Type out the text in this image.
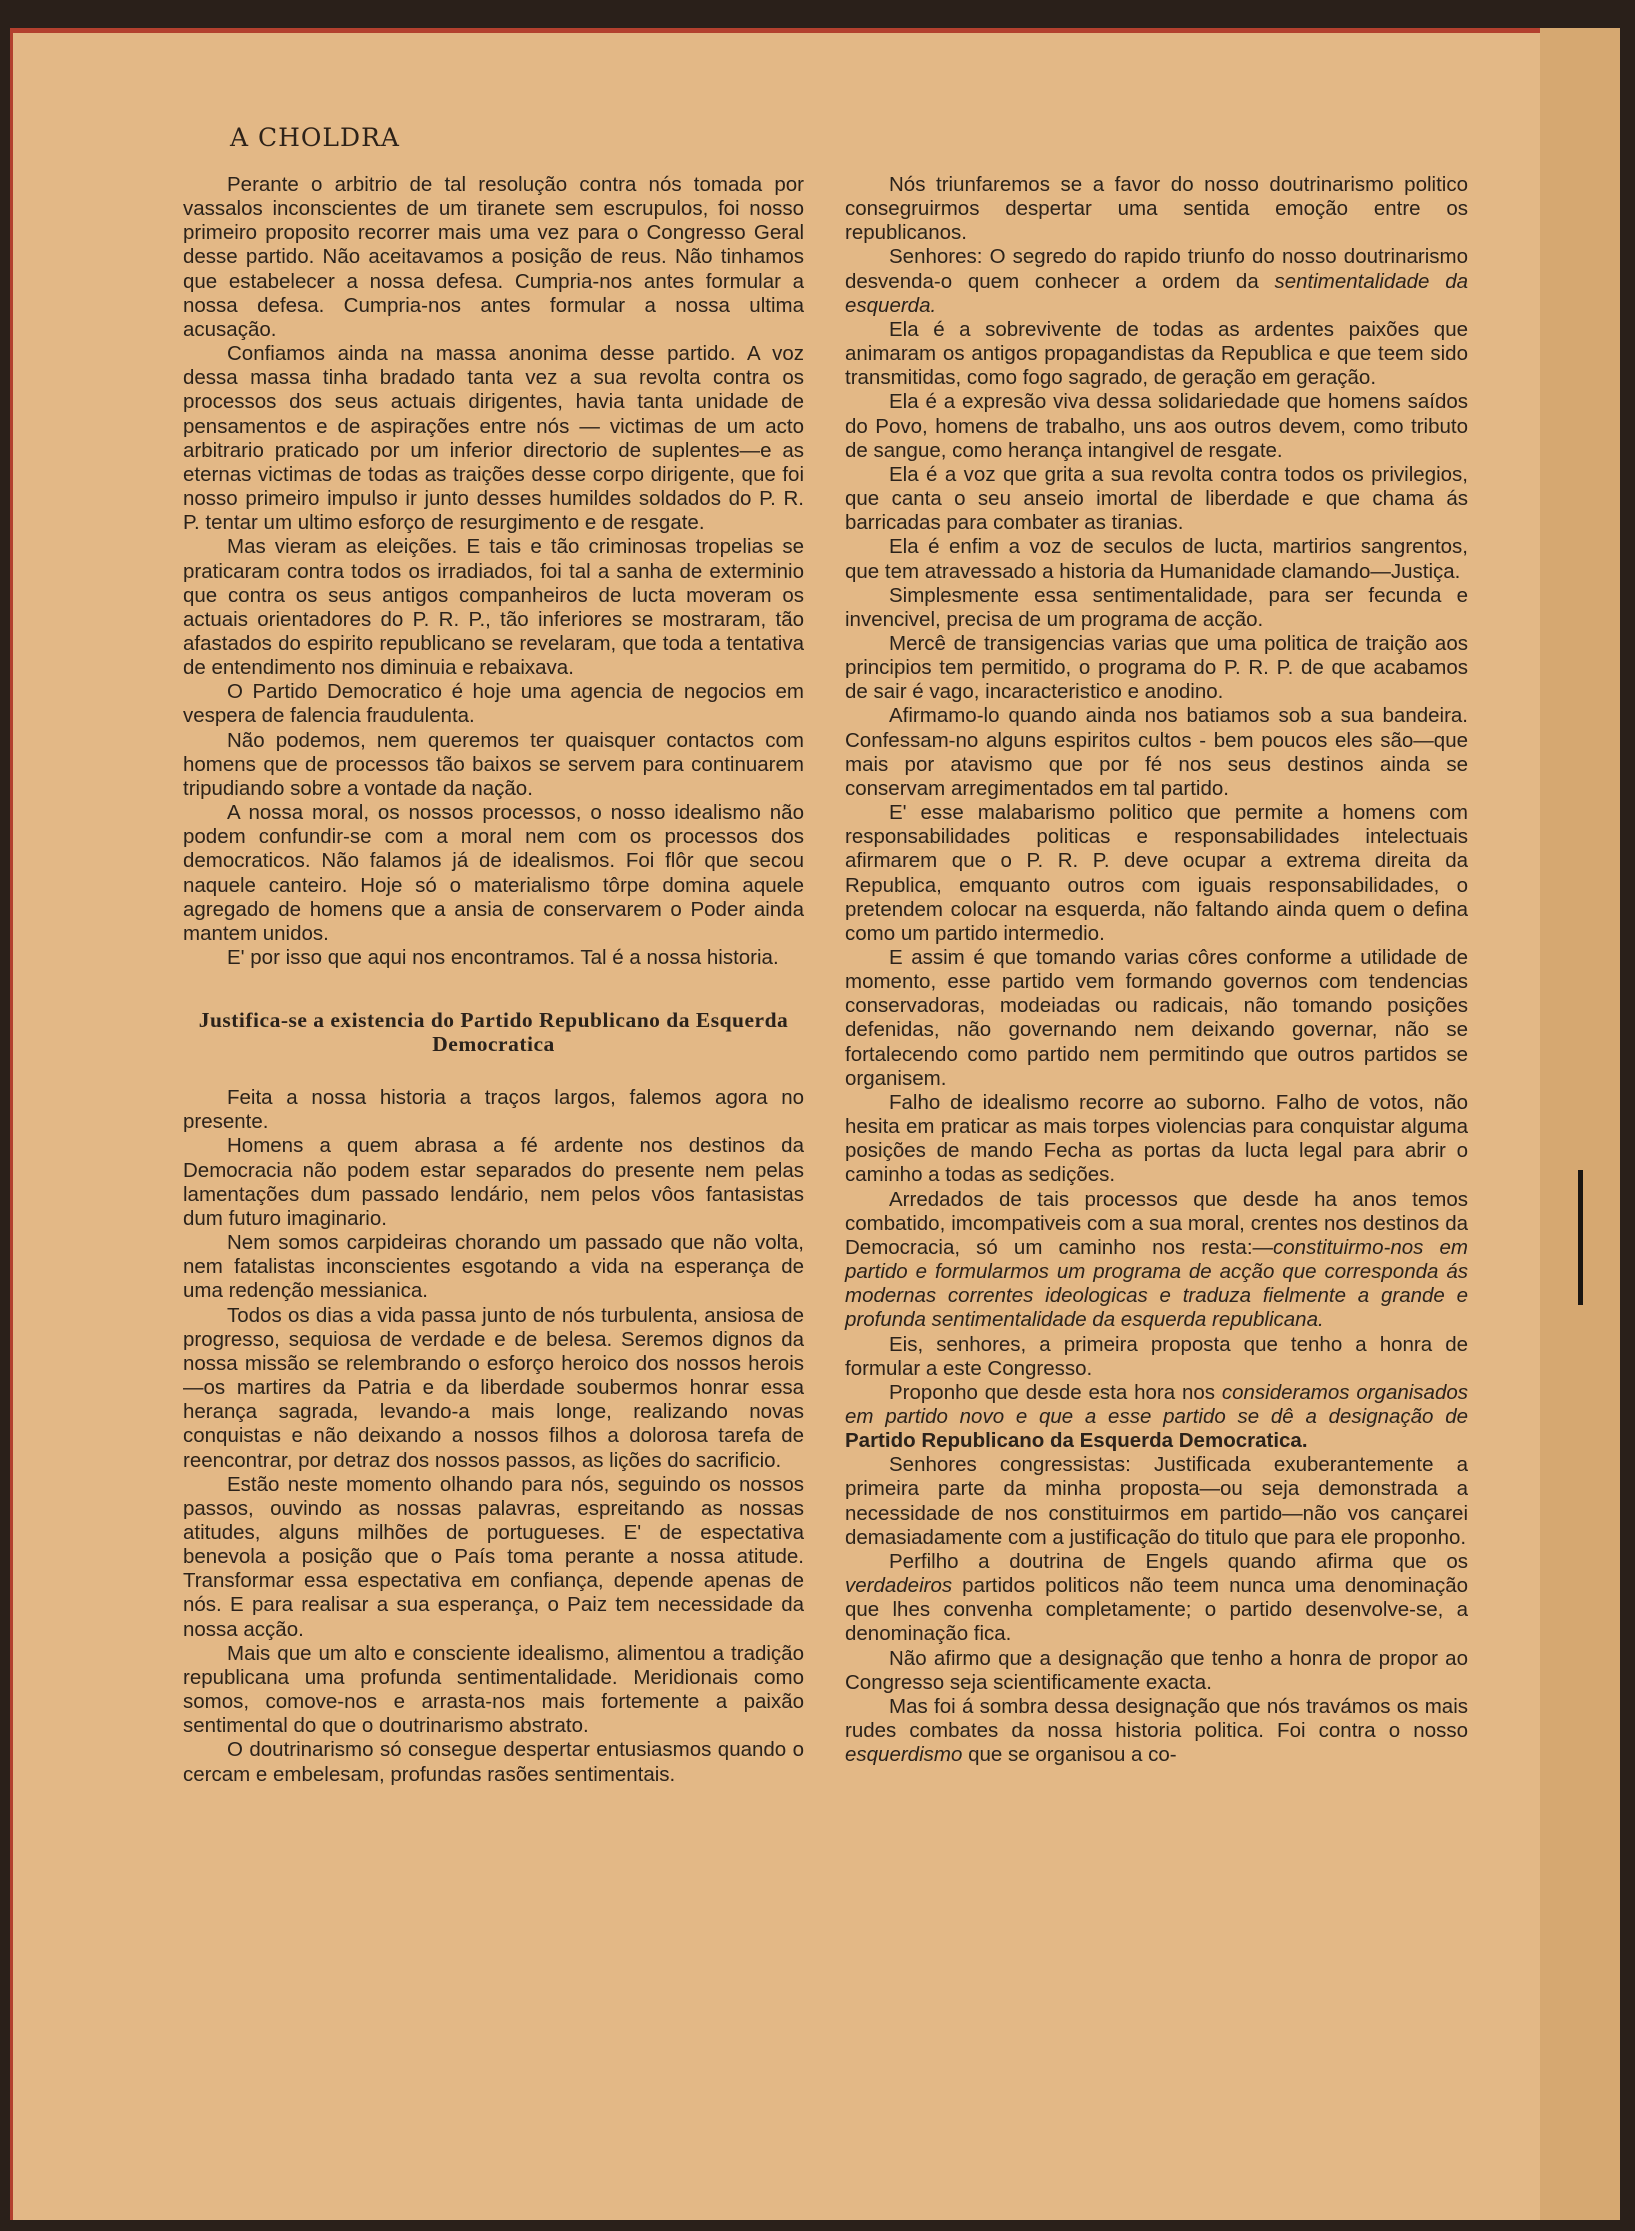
A CHOLDRA

Perante o arbitrio de tal resolução contra nós tomada por vassalos inconscientes de um tiranete sem escrupulos, foi nosso primeiro proposito recorrer mais uma vez para o Congresso Geral desse partido. Não aceitavamos a posição de reus. Não tinhamos que estabelecer a nossa defesa. Cumpria-nos antes formular a nossa defesa. Cumpria-nos antes formular a nossa ultima acusação.

Confiamos ainda na massa anonima desse partido. A voz dessa massa tinha bradado tanta vez a sua revolta contra os processos dos seus actuais dirigentes, havia tanta unidade de pensamentos e de aspirações entre nós — victimas de um acto arbitrario praticado por um inferior directorio de suplentes—e as eternas victimas de todas as traições desse corpo dirigente, que foi nosso primeiro impulso ir junto desses humildes soldados do P. R. P. tentar um ultimo esforço de resurgimento e de resgate.

Mas vieram as eleições. E tais e tão criminosas tropelias se praticaram contra todos os irradiados, foi tal a sanha de exterminio que contra os seus antigos companheiros de lucta moveram os actuais orientadores do P. R. P., tão inferiores se mostraram, tão afastados do espirito republicano se revelaram, que toda a tentativa de entendimento nos diminuia e rebaixava.

O Partido Democratico é hoje uma agencia de negocios em vespera de falencia fraudulenta.

Não podemos, nem queremos ter quaisquer contactos com homens que de processos tão baixos se servem para continuarem tripudiando sobre a vontade da nação.

A nossa moral, os nossos processos, o nosso idealismo não podem confundir-se com a moral nem com os processos dos democraticos. Não falamos já de idealismos. Foi flôr que secou naquele canteiro. Hoje só o materialismo tôrpe domina aquele agregado de homens que a ansia de conservarem o Poder ainda mantem unidos.

E' por isso que aqui nos encontramos. Tal é a nossa historia.

Justifica-se a existencia do Partido Republicano da Esquerda Democratica

Feita a nossa historia a traços largos, falemos agora no presente.

Homens a quem abrasa a fé ardente nos destinos da Democracia não podem estar separados do presente nem pelas lamentações dum passado lendário, nem pelos vôos fantasistas dum futuro imaginario.

Nem somos carpideiras chorando um passado que não volta, nem fatalistas inconscientes esgotando a vida na esperança de uma redenção messianica.

Todos os dias a vida passa junto de nós turbulenta, ansiosa de progresso, sequiosa de verdade e de belesa. Seremos dignos da nossa missão se relembrando o esforço heroico dos nossos herois—os martires da Patria e da liberdade soubermos honrar essa herança sagrada, levando-a mais longe, realizando novas conquistas e não deixando a nossos filhos a dolorosa tarefa de reencontrar, por detraz dos nossos passos, as lições do sacrificio.

Estão neste momento olhando para nós, seguindo os nossos passos, ouvindo as nossas palavras, espreitando as nossas atitudes, alguns milhões de portugueses. E' de espectativa benevola a posição que o País toma perante a nossa atitude. Transformar essa espectativa em confiança, depende apenas de nós. E para realisar a sua esperança, o Paiz tem necessidade da nossa acção.

Mais que um alto e consciente idealismo, alimentou a tradição republicana uma profunda sentimentalidade. Meridionais como somos, comove-nos e arrasta-nos mais fortemente a paixão sentimental do que o doutrinarismo abstrato.

O doutrinarismo só consegue despertar entusiasmos quando o cercam e embelesam, profundas rasões sentimentais.

Nós triunfaremos se a favor do nosso doutrinarismo politico consegruirmos despertar uma sentida emoção entre os republicanos.

Senhores: O segredo do rapido triunfo do nosso doutrinarismo desvenda-o quem conhecer a ordem da sentimentalidade da esquerda.

Ela é a sobrevivente de todas as ardentes paixões que animaram os antigos propagandistas da Republica e que teem sido transmitidas, como fogo sagrado, de geração em geração.

Ela é a expresão viva dessa solidariedade que homens saídos do Povo, homens de trabalho, uns aos outros devem, como tributo de sangue, como herança intangivel de resgate.

Ela é a voz que grita a sua revolta contra todos os privilegios, que canta o seu anseio imortal de liberdade e que chama ás barricadas para combater as tiranias.

Ela é enfim a voz de seculos de lucta, martirios sangrentos, que tem atravessado a historia da Humanidade clamando—Justiça.

Simplesmente essa sentimentalidade, para ser fecunda e invencivel, precisa de um programa de acção.

Mercê de transigencias varias que uma politica de traição aos principios tem permitido, o programa do P. R. P. de que acabamos de sair é vago, incaracteristico e anodino.

Afirmamo-lo quando ainda nos batiamos sob a sua bandeira. Confessam-no alguns espiritos cultos - bem poucos eles são—que mais por atavismo que por fé nos seus destinos ainda se conservam arregimentados em tal partido.

E' esse malabarismo politico que permite a homens com responsabilidades politicas e responsabilidades intelectuais afirmarem que o P. R. P. deve ocupar a extrema direita da Republica, emquanto outros com iguais responsabilidades, o pretendem colocar na esquerda, não faltando ainda quem o defina como um partido intermedio.

E assim é que tomando varias côres conforme a utilidade de momento, esse partido vem formando governos com tendencias conservadoras, modeiadas ou radicais, não tomando posições defenidas, não governando nem deixando governar, não se fortalecendo como partido nem permitindo que outros partidos se organisem.

Falho de idealismo recorre ao suborno. Falho de votos, não hesita em praticar as mais torpes violencias para conquistar alguma posições de mando Fecha as portas da lucta legal para abrir o caminho a todas as sedições.

Arredados de tais processos que desde ha anos temos combatido, imcompativeis com a sua moral, crentes nos destinos da Democracia, só um caminho nos resta:—constituirmo-nos em partido e formularmos um programa de acção que corresponda ás modernas correntes ideologicas e traduza fielmente a grande e profunda sentimentalidade da esquerda republicana.

Eis, senhores, a primeira proposta que tenho a honra de formular a este Congresso.

Proponho que desde esta hora nos consideramos organisados em partido novo e que a esse partido se dê a designação de Partido Republicano da Esquerda Democratica.

Senhores congressistas: Justificada exuberantemente a primeira parte da minha proposta—ou seja demonstrada a necessidade de nos constituirmos em partido—não vos cançarei demasiadamente com a justificação do titulo que para ele proponho.

Perfilho a doutrina de Engels quando afirma que os verdadeiros partidos politicos não teem nunca uma denominação que lhes convenha completamente; o partido desenvolve-se, a denominação fica.

Não afirmo que a designação que tenho a honra de propor ao Congresso seja scientificamente exacta.

Mas foi á sombra dessa designação que nós travámos os mais rudes combates da nossa historia politica. Foi contra o nosso esquerdismo que se organisou a co-
